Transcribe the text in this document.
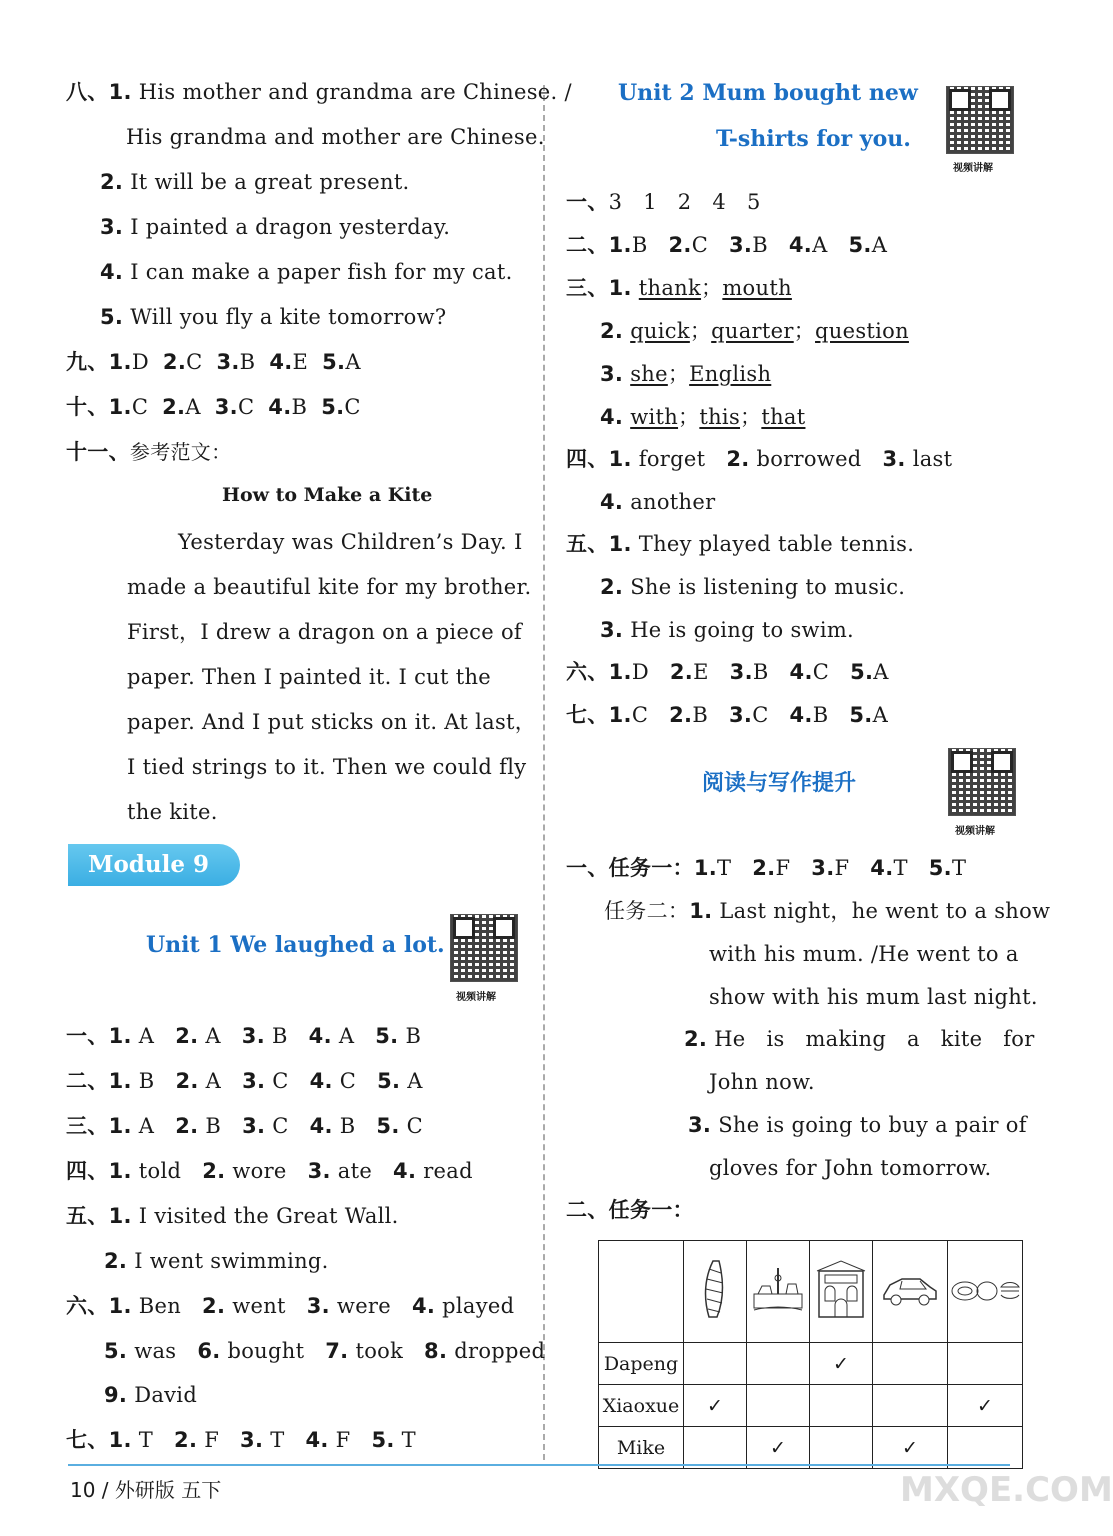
八、1. His mother and grandma are Chinese. /
His grandma and mother are Chinese.
2. It will be a great present.
3. I painted a dragon yesterday.
4. I can make a paper fish for my cat.
5. Will you fly a kite tomorrow?
九、1.D 2.C 3.B 4.E 5.A
十、1.C 2.A 3.C 4.B 5.C
十一、参考范文：
How to Make a Kite
Yesterday was Children’s Day. I
made a beautiful kite for my brother.
First，I drew a dragon on a piece of
paper. Then I painted it. I cut the
paper. And I put sticks on it. At last，
I tied strings to it. Then we could fly
the kite.
Module 9
Unit 1 We laughed a lot.
视频讲解
一、1. A 2. A 3. B 4. A 5. B
二、1. B 2. A 3. C 4. C 5. A
三、1. A 2. B 3. C 4. B 5. C
四、1. told 2. wore 3. ate 4. read
五、1. I visited the Great Wall.
2. I went swimming.
六、1. Ben 2. went 3. were 4. played
5. was 6. bought 7. took 8. dropped
9. David
七、1. T 2. F 3. T 4. F 5. T
Unit 2 Mum bought new
T-shirts for you.
视频讲解
一、3   1   2   4   5
二、1.B 2.C 3.B 4.A 5.A
三、1. thank；mouth
2. quick；quarter；question
3. she；English
4. with；this；that
四、1. forget 2. borrowed 3. last
4. another
五、1. They played table tennis.
2. She is listening to music.
3. He is going to swim.
六、1.D 2.E 3.B 4.C 5.A
七、1.C 2.B 3.C 4.B 5.A
阅读与写作提升
视频讲解
一、任务一：1.T 2.F 3.F 4.T 5.T
任务二：1. Last night，he went to a show
with his mum. /He went to a
show with his mum last night.
2. He   is   making   a   kite   for
John now.
3. She is going to buy a pair of
gloves for John tomorrow.
二、任务一：

Dapeng			✓		
Xiaoxue	✓				✓
Mike		✓		✓	
10 / 外研版 五下	MXQE.COM
